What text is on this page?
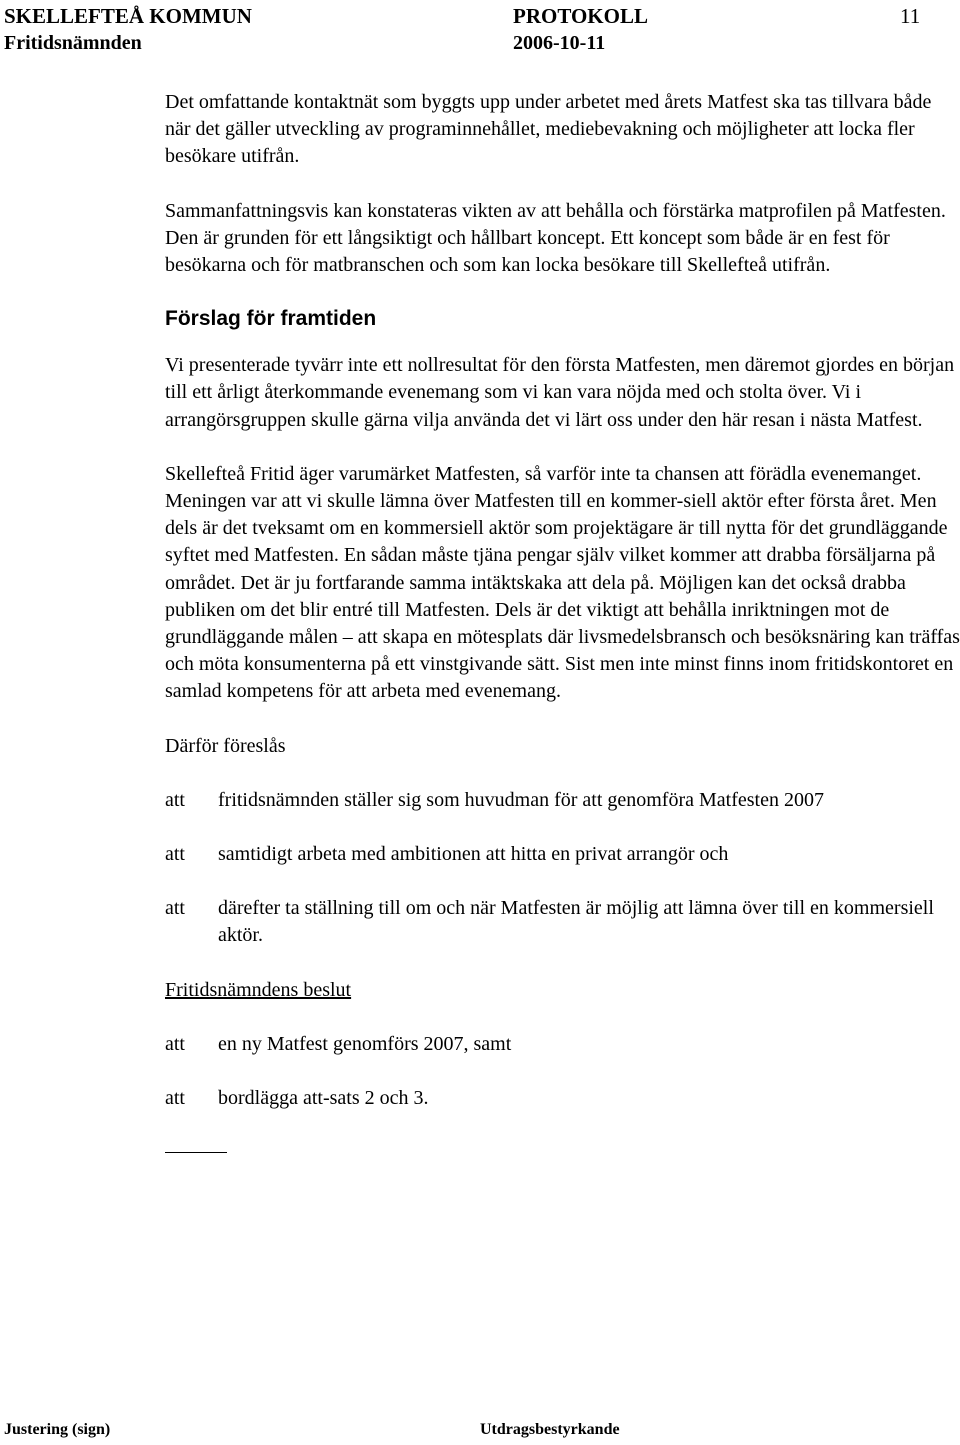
SKELLEFTEÅ KOMMUN	PROTOKOLL	11
Fritidsnämnden	2006-10-11

Det omfattande kontaktnät som byggts upp under arbetet med årets Matfest ska tas tillvara både när det gäller utveckling av programinnehållet, mediebevakning och möjligheter att locka fler besökare utifrån.

Sammanfattningsvis kan konstateras vikten av att behålla och förstärka matprofilen på Matfesten. Den är grunden för ett långsiktigt och hållbart koncept. Ett koncept som både är en fest för besökarna och för matbranschen och som kan locka besökare till Skellefteå utifrån.

Förslag för framtiden

Vi presenterade tyvärr inte ett nollresultat för den första Matfesten, men däremot gjordes en början till ett årligt återkommande evenemang som vi kan vara nöjda med och stolta över. Vi i arrangörsgruppen skulle gärna vilja använda det vi lärt oss under den här resan i nästa Matfest.

Skellefteå Fritid äger varumärket Matfesten, så varför inte ta chansen att förädla evenemanget. Meningen var att vi skulle lämna över Matfesten till en kommer-siell aktör efter första året. Men dels är det tveksamt om en kommersiell aktör som projektägare är till nytta för det grundläggande syftet med Matfesten. En sådan måste tjäna pengar själv vilket kommer att drabba försäljarna på området. Det är ju fortfarande samma intäktskaka att dela på. Möjligen kan det också drabba publiken om det blir entré till Matfesten. Dels är det viktigt att behålla inriktningen mot de grundläggande målen – att skapa en mötesplats där livsmedelsbransch och besöksnäring kan träffas och möta konsumenterna på ett vinstgivande sätt. Sist men inte minst finns inom fritidskontoret en samlad kompetens för att arbeta med evenemang.

Därför föreslås

att	fritidsnämnden ställer sig som huvudman för att genomföra Matfesten 2007
att	samtidigt arbeta med ambitionen att hitta en privat arrangör och
att	därefter ta ställning till om och när Matfesten är möjlig att lämna över till en kommersiell aktör.

Fritidsnämndens beslut

att	en ny Matfest genomförs 2007, samt
att	bordlägga att-sats 2 och 3.
Justering (sign)	Utdragsbestyrkande
